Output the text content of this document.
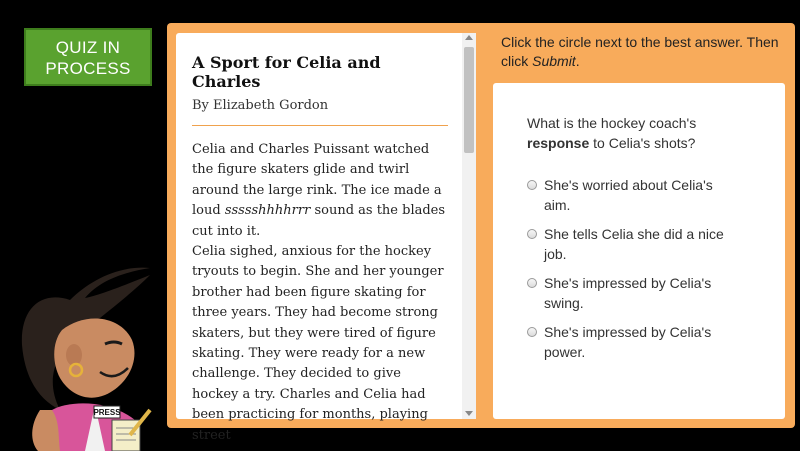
QUIZ IN
PROCESS	A Sport for Celia and Charles
By Elizabeth Gordon

Celia and Charles Puissant watched the figure skaters glide and twirl around the large rink. The ice made a loud ssssshhhhrrr sound as the blades cut into it.

Celia sighed, anxious for the hockey tryouts to begin. She and her younger brother had been figure skating for three years. They had become strong skaters, but they were tired of figure skating. They were ready for a new challenge. They decided to give hockey a try. Charles and Celia had been practicing for months, playing street

Click the circle next to the best answer. Then click Submit.
What is the hockey coach's response to Celia's shots?
She's worried about Celia's aim.
She tells Celia she did a nice job.
She's impressed by Celia's swing.
She's impressed by Celia's power.
PRESS
